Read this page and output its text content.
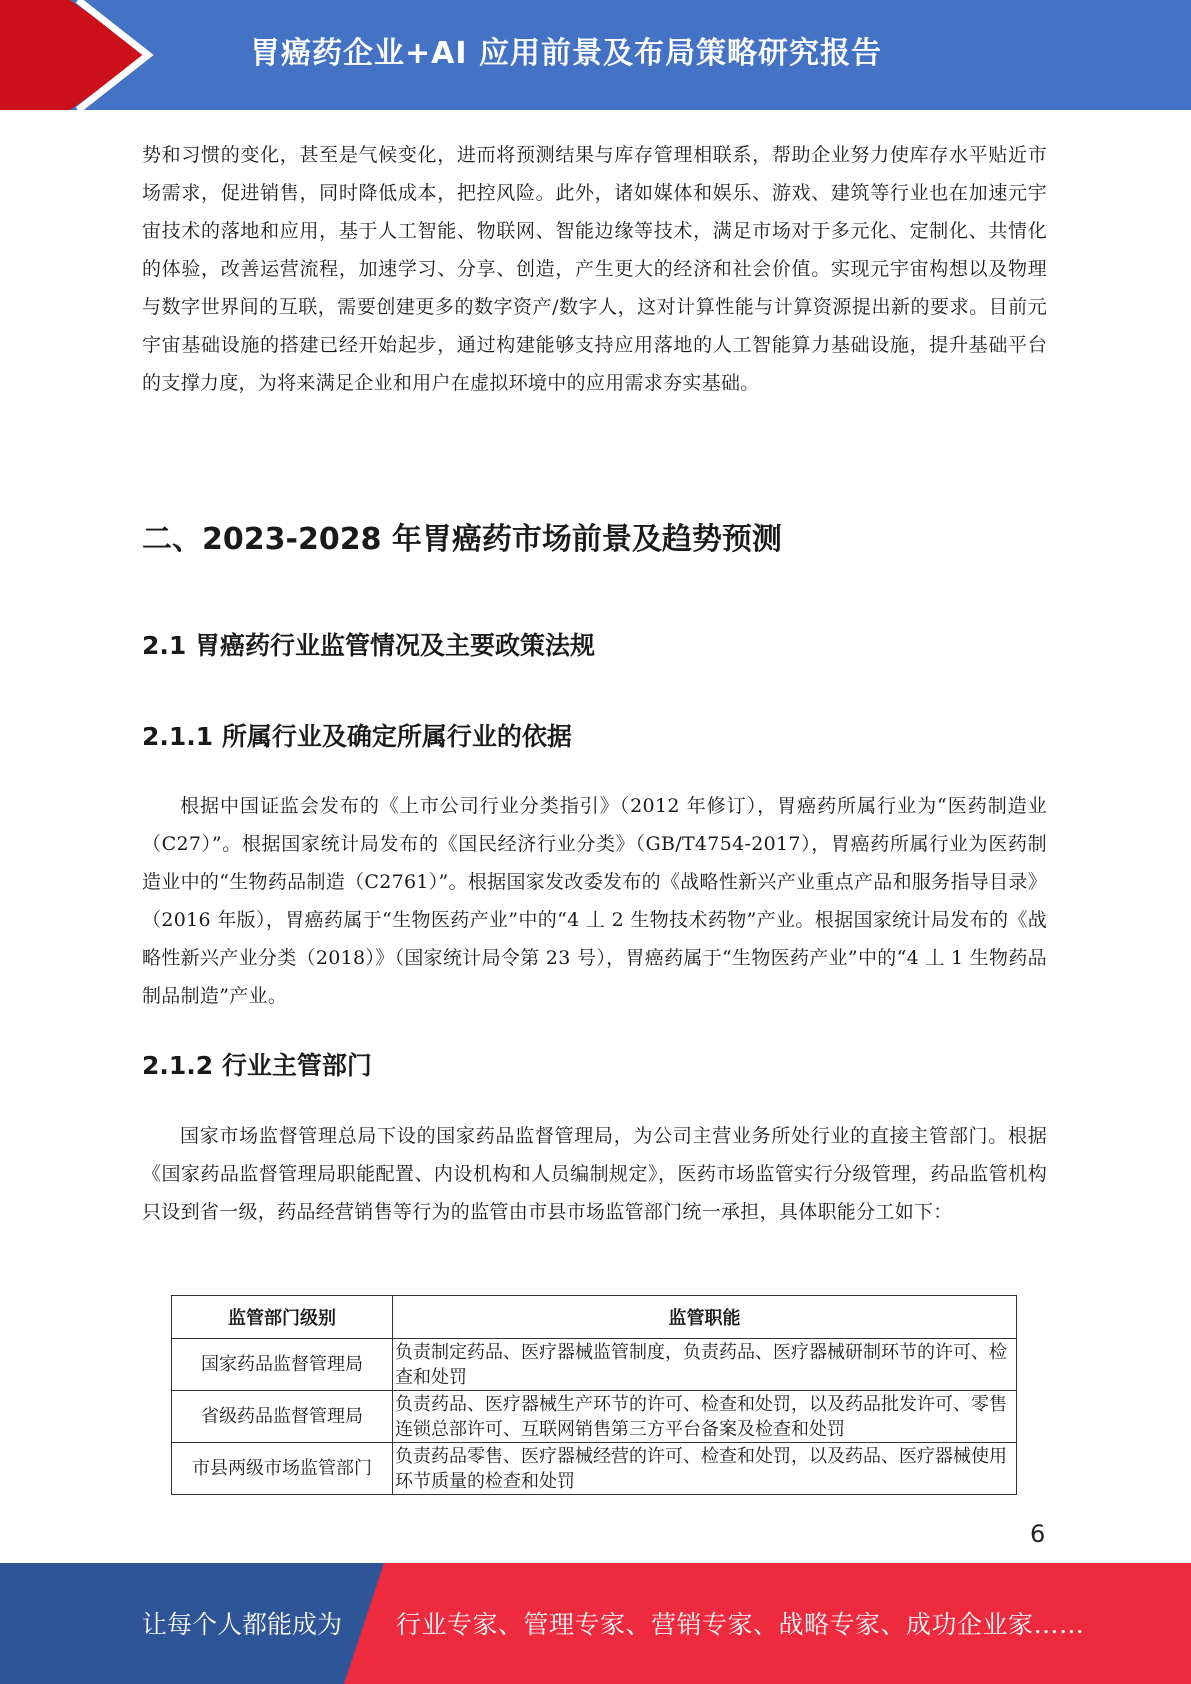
胃癌药企业+AI 应用前景及布局策略研究报告

势和习惯的变化，甚至是气候变化，进而将预测结果与库存管理相联系，帮助企业努力使库存水平贴近市场需求，促进销售，同时降低成本，把控风险。此外，诸如媒体和娱乐、游戏、建筑等行业也在加速元宇宙技术的落地和应用，基于人工智能、物联网、智能边缘等技术，满足市场对于多元化、定制化、共情化的体验，改善运营流程，加速学习、分享、创造，产生更大的经济和社会价值。实现元宇宙构想以及物理与数字世界间的互联，需要创建更多的数字资产/数字人，这对计算性能与计算资源提出新的要求。目前元宇宙基础设施的搭建已经开始起步，通过构建能够支持应用落地的人工智能算力基础设施，提升基础平台的支撑力度，为将来满足企业和用户在虚拟环境中的应用需求夯实基础。

二、2023-2028 年胃癌药市场前景及趋势预测
2.1 胃癌药行业监管情况及主要政策法规
2.1.1 所属行业及确定所属行业的依据

根据中国证监会发布的《上市公司行业分类指引》（2012 年修订），胃癌药所属行业为“医药制造业（C27）”。根据国家统计局发布的《国民经济行业分类》（GB/T4754-2017），胃癌药所属行业为医药制造业中的“生物药品制造（C2761）”。根据国家发改委发布的《战略性新兴产业重点产品和服务指导目录》（2016 年版），胃癌药属于“生物医药产业”中的“4 丄 2 生物技术药物”产业。根据国家统计局发布的《战略性新兴产业分类（2018）》（国家统计局令第 23 号），胃癌药属于“生物医药产业”中的“4 丄 1 生物药品制品制造”产业。

2.1.2 行业主管部门

国家市场监督管理总局下设的国家药品监督管理局，为公司主营业务所处行业的直接主管部门。根据《国家药品监督管理局职能配置、内设机构和人员编制规定》，医药市场监管实行分级管理，药品监管机构只设到省一级，药品经营销售等行为的监管由市县市场监管部门统一承担，具体职能分工如下：

监管部门级别	监管职能
国家药品监督管理局	负责制定药品、医疗器械监管制度，负责药品、医疗器械研制环节的许可、检查和处罚
省级药品监督管理局	负责药品、医疗器械生产环节的许可、检查和处罚，以及药品批发许可、零售连锁总部许可、互联网销售第三方平台备案及检查和处罚
市县两级市场监管部门	负责药品零售、医疗器械经营的许可、检查和处罚，以及药品、医疗器械使用环节质量的检查和处罚
6
让每个人都能成为 行业专家、管理专家、营销专家、战略专家、成功企业家……
